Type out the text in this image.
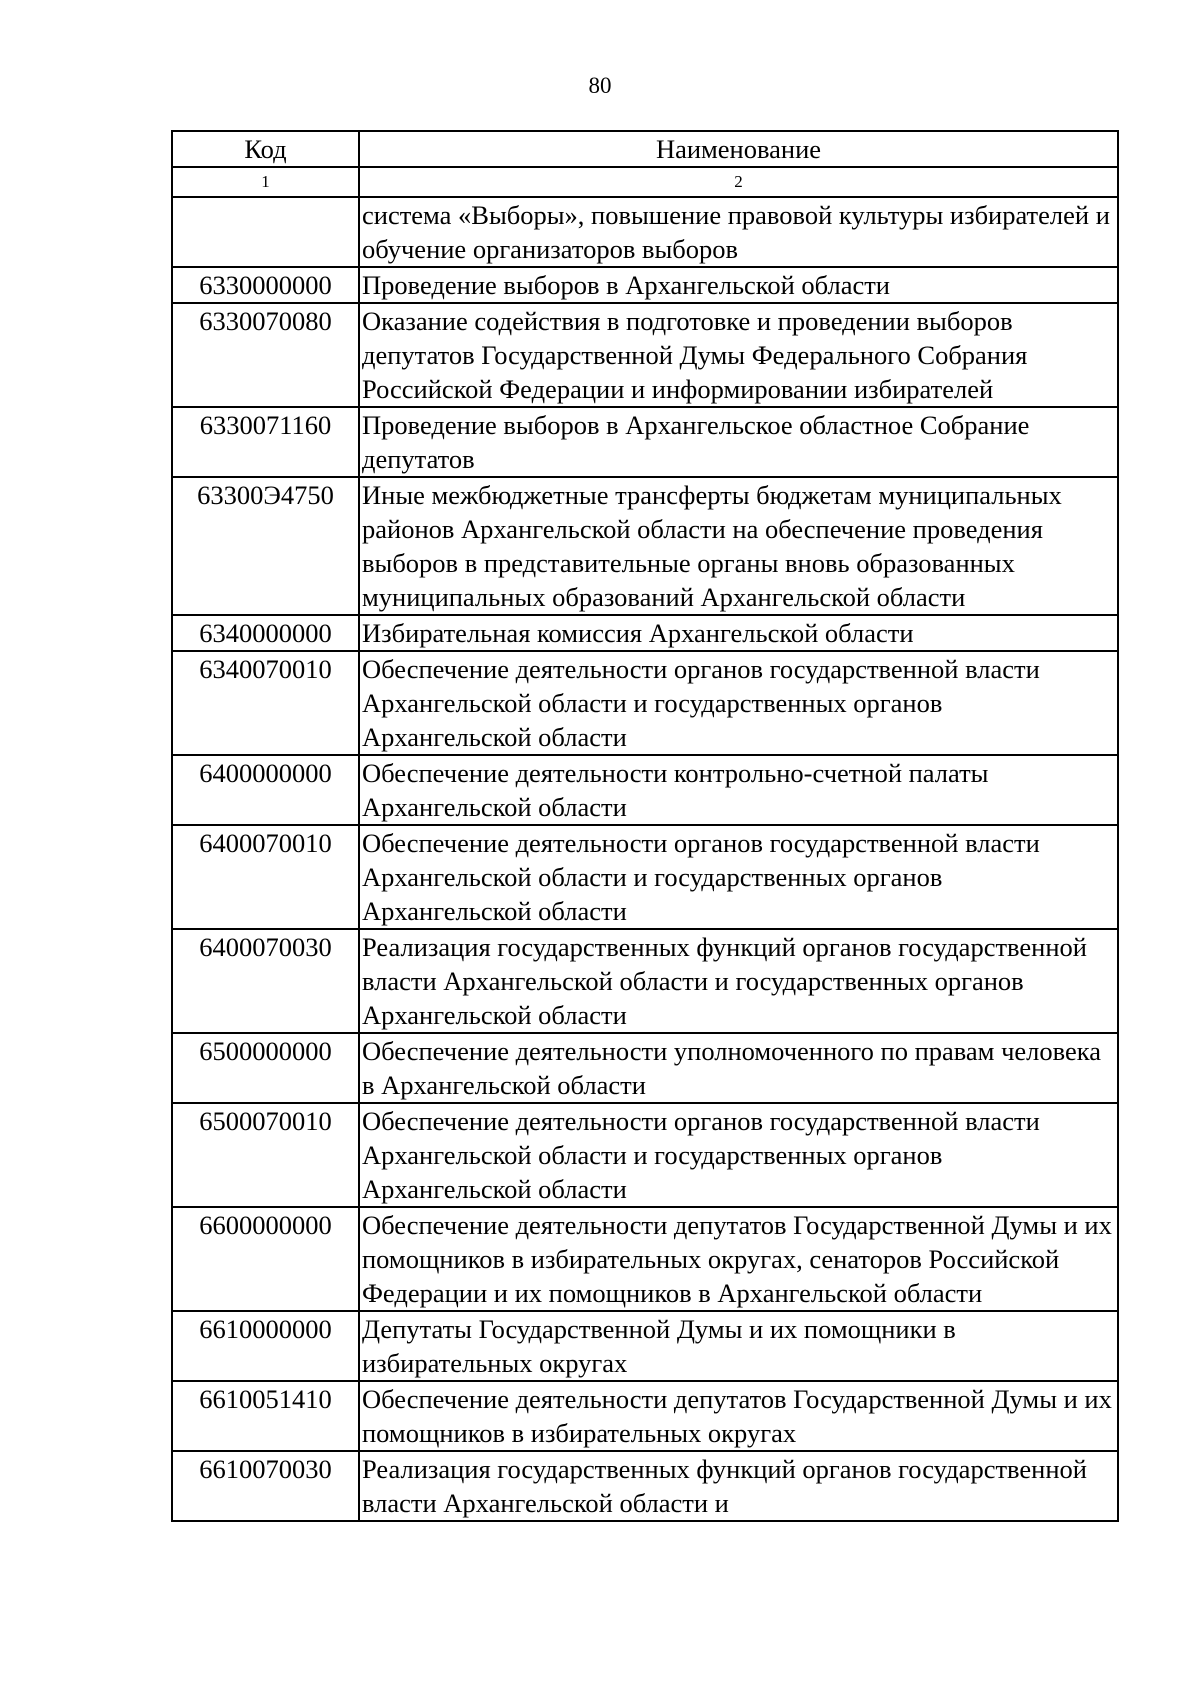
80
Код	Наименование
1	2
	система «Выборы», повышение правовой культуры избирателей и обучение организаторов выборов
6330000000	Проведение выборов в Архангельской области
6330070080	Оказание содействия в подготовке и проведении выборов депутатов Государственной Думы Федерального Собрания Российской Федерации и информировании избирателей
6330071160	Проведение выборов в Архангельское областное Собрание депутатов
63300Э4750	Иные межбюджетные трансферты бюджетам муниципальных районов Архангельской области на обеспечение проведения выборов в представительные органы вновь образованных муниципальных образований Архангельской области
6340000000	Избирательная комиссия Архангельской области
6340070010	Обеспечение деятельности органов государственной власти Архангельской области и государственных органов Архангельской области
6400000000	Обеспечение деятельности контрольно-счетной палаты Архангельской области
6400070010	Обеспечение деятельности органов государственной власти Архангельской области и государственных органов Архангельской области
6400070030	Реализация государственных функций органов государственной власти Архангельской области и государственных органов Архангельской области
6500000000	Обеспечение деятельности уполномоченного по правам человека в Архангельской области
6500070010	Обеспечение деятельности органов государственной власти Архангельской области и государственных органов Архангельской области
6600000000	Обеспечение деятельности депутатов Государственной Думы и их помощников в избирательных округах, сенаторов Российской Федерации и их помощников в Архангельской области
6610000000	Депутаты Государственной Думы и их помощники в избирательных округах
6610051410	Обеспечение деятельности депутатов Государственной Думы и их помощников в избирательных округах
6610070030	Реализация государственных функций органов государственной власти Архангельской области и
